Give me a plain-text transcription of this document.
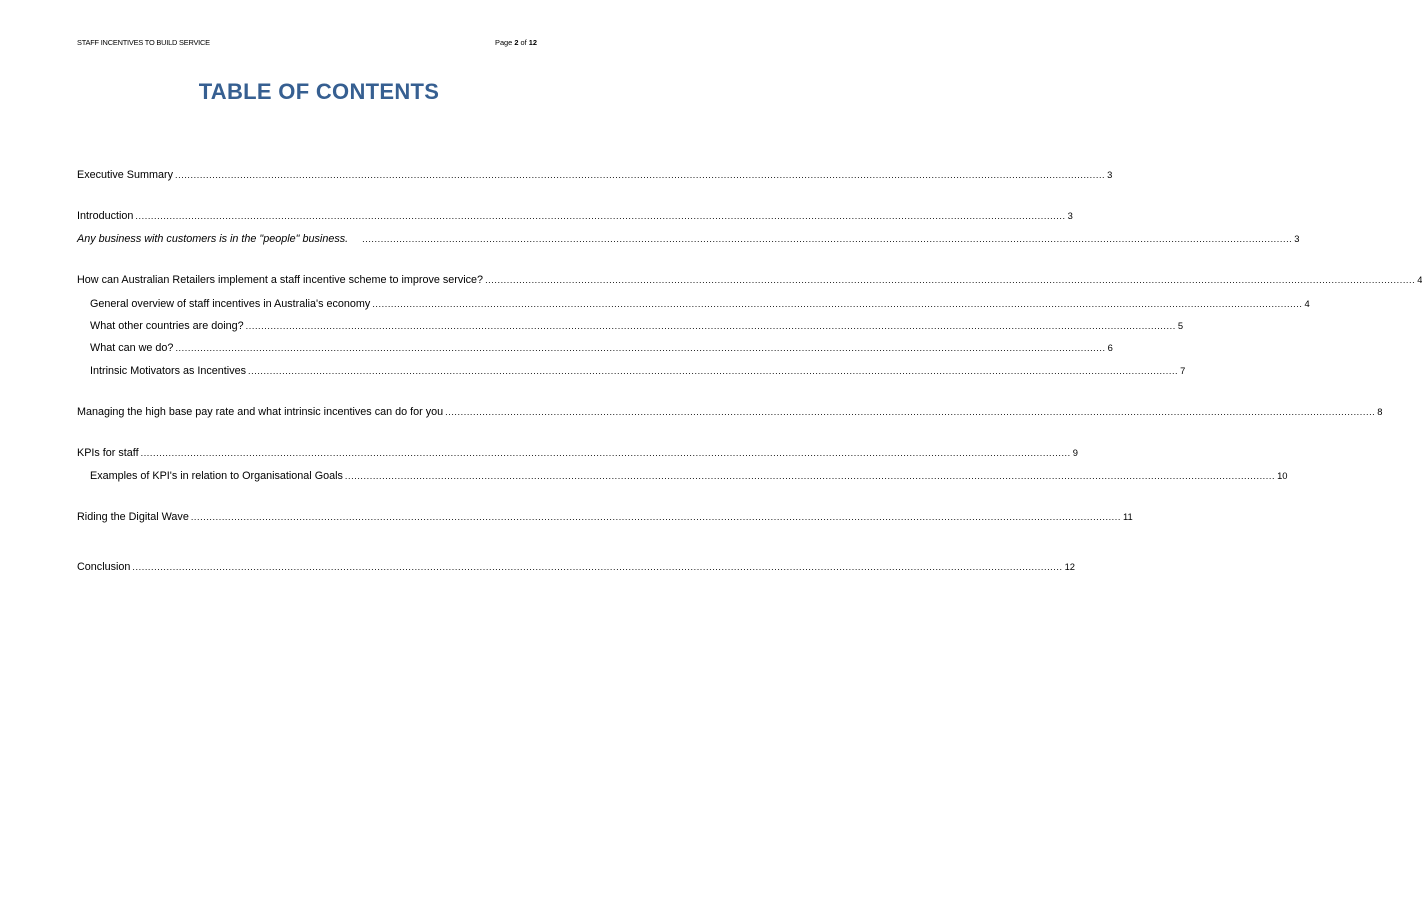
STAFF INCENTIVES TO BUILD SERVICE	Page 2 of 12
TABLE OF CONTENTS
Executive Summary ............................................................................................................................................................................................................................................................................................................ 3
Introduction ............................................................................................................................................................................................................................................................................................................ 3
Any business with customers is in the "people" business. ............................................................................................................................................................................................................................................................................................................ 3
How can Australian Retailers implement a staff incentive scheme to improve service? ............................................................................................................................................................................................................................................................................................................ 4
General overview of staff incentives in Australia's economy ............................................................................................................................................................................................................................................................................................................ 4
What other countries are doing? ............................................................................................................................................................................................................................................................................................................ 5
What can we do? ............................................................................................................................................................................................................................................................................................................ 6
Intrinsic Motivators as Incentives ............................................................................................................................................................................................................................................................................................................ 7
Managing the high base pay rate and what intrinsic incentives can do for you ............................................................................................................................................................................................................................................................................................................ 8
KPIs for staff ............................................................................................................................................................................................................................................................................................................ 9
Examples of KPI's in relation to Organisational Goals ............................................................................................................................................................................................................................................................................................................ 10
Riding the Digital Wave ............................................................................................................................................................................................................................................................................................................ 11
Conclusion ............................................................................................................................................................................................................................................................................................................ 12
